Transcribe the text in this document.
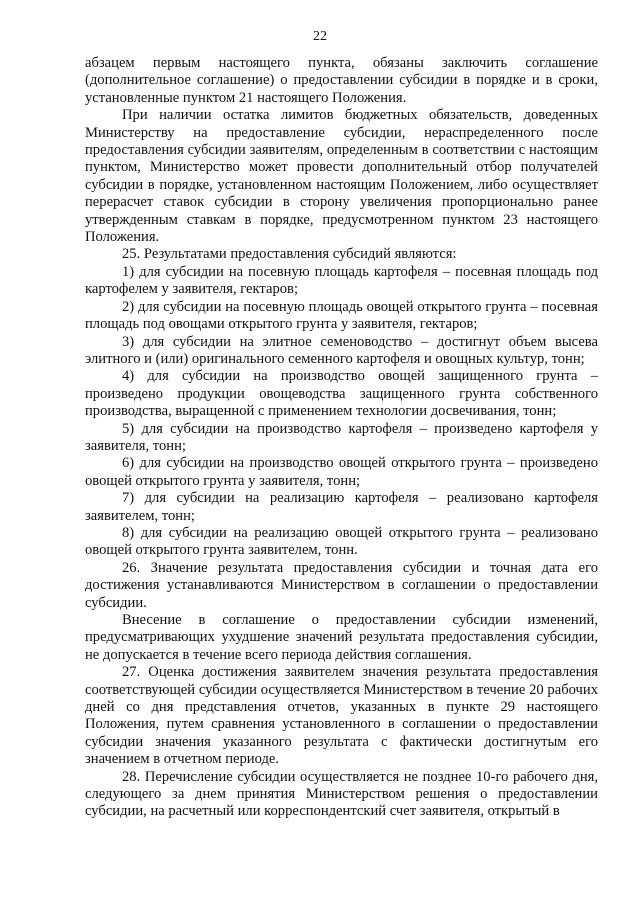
22

абзацем первым настоящего пункта, обязаны заключить соглашение (дополнительное соглашение) о предоставлении субсидии в порядке и в сроки, установленные пунктом 21 настоящего Положения.

При наличии остатка лимитов бюджетных обязательств, доведенных Министерству на предоставление субсидии, нераспределенного после предоставления субсидии заявителям, определенным в соответствии с настоящим пунктом, Министерство может провести дополнительный отбор получателей субсидии в порядке, установленном настоящим Положением, либо осуществляет перерасчет ставок субсидии в сторону увеличения пропорционально ранее утвержденным ставкам в порядке, предусмотренном пунктом 23 настоящего Положения.

25. Результатами предоставления субсидий являются:

1) для субсидии на посевную площадь картофеля – посевная площадь под картофелем у заявителя, гектаров;

2) для субсидии на посевную площадь овощей открытого грунта – посевная площадь под овощами открытого грунта у заявителя, гектаров;

3) для субсидии на элитное семеноводство – достигнут объем высева элитного и (или) оригинального семенного картофеля и овощных культур, тонн;

4) для субсидии на производство овощей защищенного грунта – произведено продукции овощеводства защищенного грунта собственного производства, выращенной с применением технологии досвечивания, тонн;

5) для субсидии на производство картофеля – произведено картофеля у заявителя, тонн;

6) для субсидии на производство овощей открытого грунта – произведено овощей открытого грунта у заявителя, тонн;

7) для субсидии на реализацию картофеля – реализовано картофеля заявителем, тонн;

8) для субсидии на реализацию овощей открытого грунта – реализовано овощей открытого грунта заявителем, тонн.

26. Значение результата предоставления субсидии и точная дата его достижения устанавливаются Министерством в соглашении о предоставлении субсидии.

Внесение в соглашение о предоставлении субсидии изменений, предусматривающих ухудшение значений результата предоставления субсидии, не допускается в течение всего периода действия соглашения.

27. Оценка достижения заявителем значения результата предоставления соответствующей субсидии осуществляется Министерством в течение 20 рабочих дней со дня представления отчетов, указанных в пункте 29 настоящего Положения, путем сравнения установленного в соглашении о предоставлении субсидии значения указанного результата с фактически достигнутым его значением в отчетном периоде.

28. Перечисление субсидии осуществляется не позднее 10-го рабочего дня, следующего за днем принятия Министерством решения о предоставлении субсидии, на расчетный или корреспондентский счет заявителя, открытый в
